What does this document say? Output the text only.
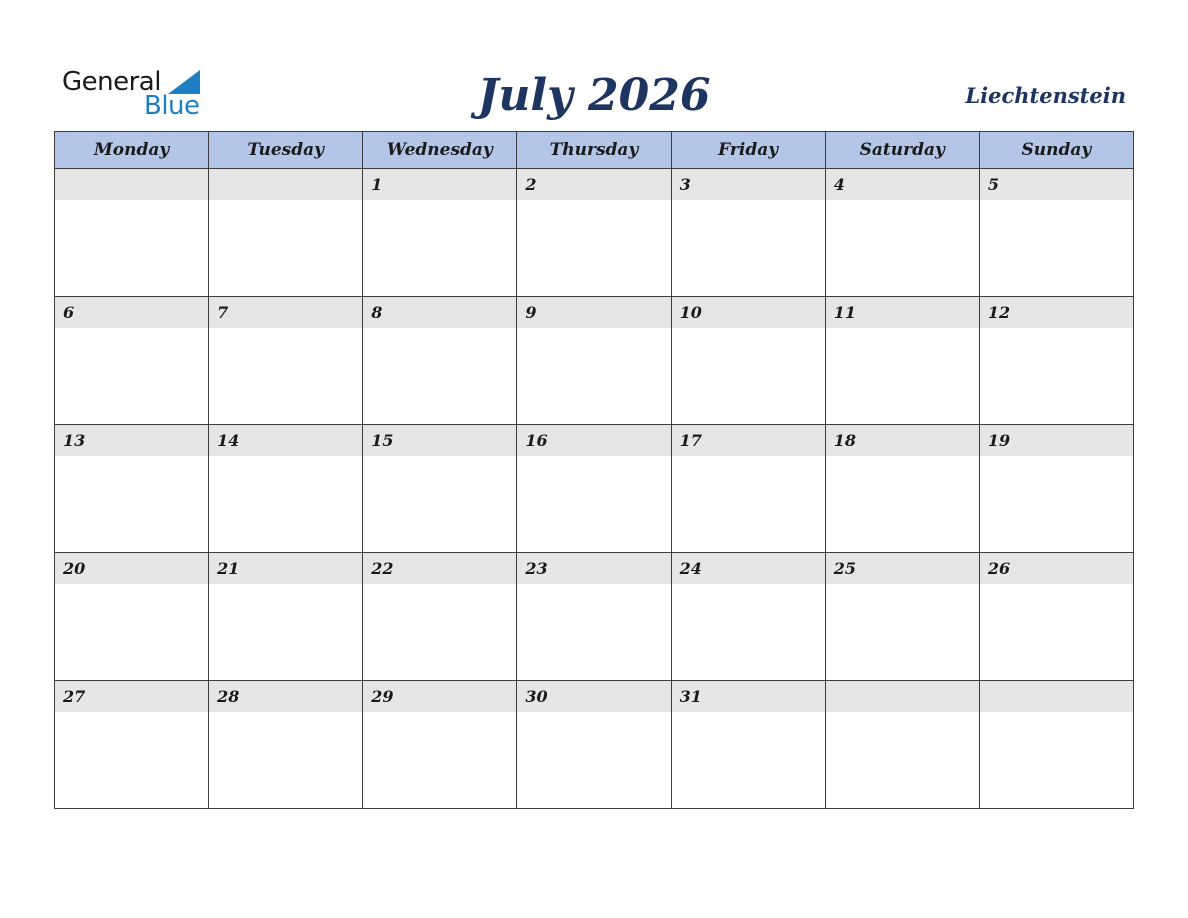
General
Blue	July 2026	Liechtenstein
Monday	Tuesday	Wednesday	Thursday	Friday	Saturday	Sunday

		1	2	3	4	5

6	7	8	9	10	11	12

13	14	15	16	17	18	19

20	21	22	23	24	25	26

27	28	29	30	31		
